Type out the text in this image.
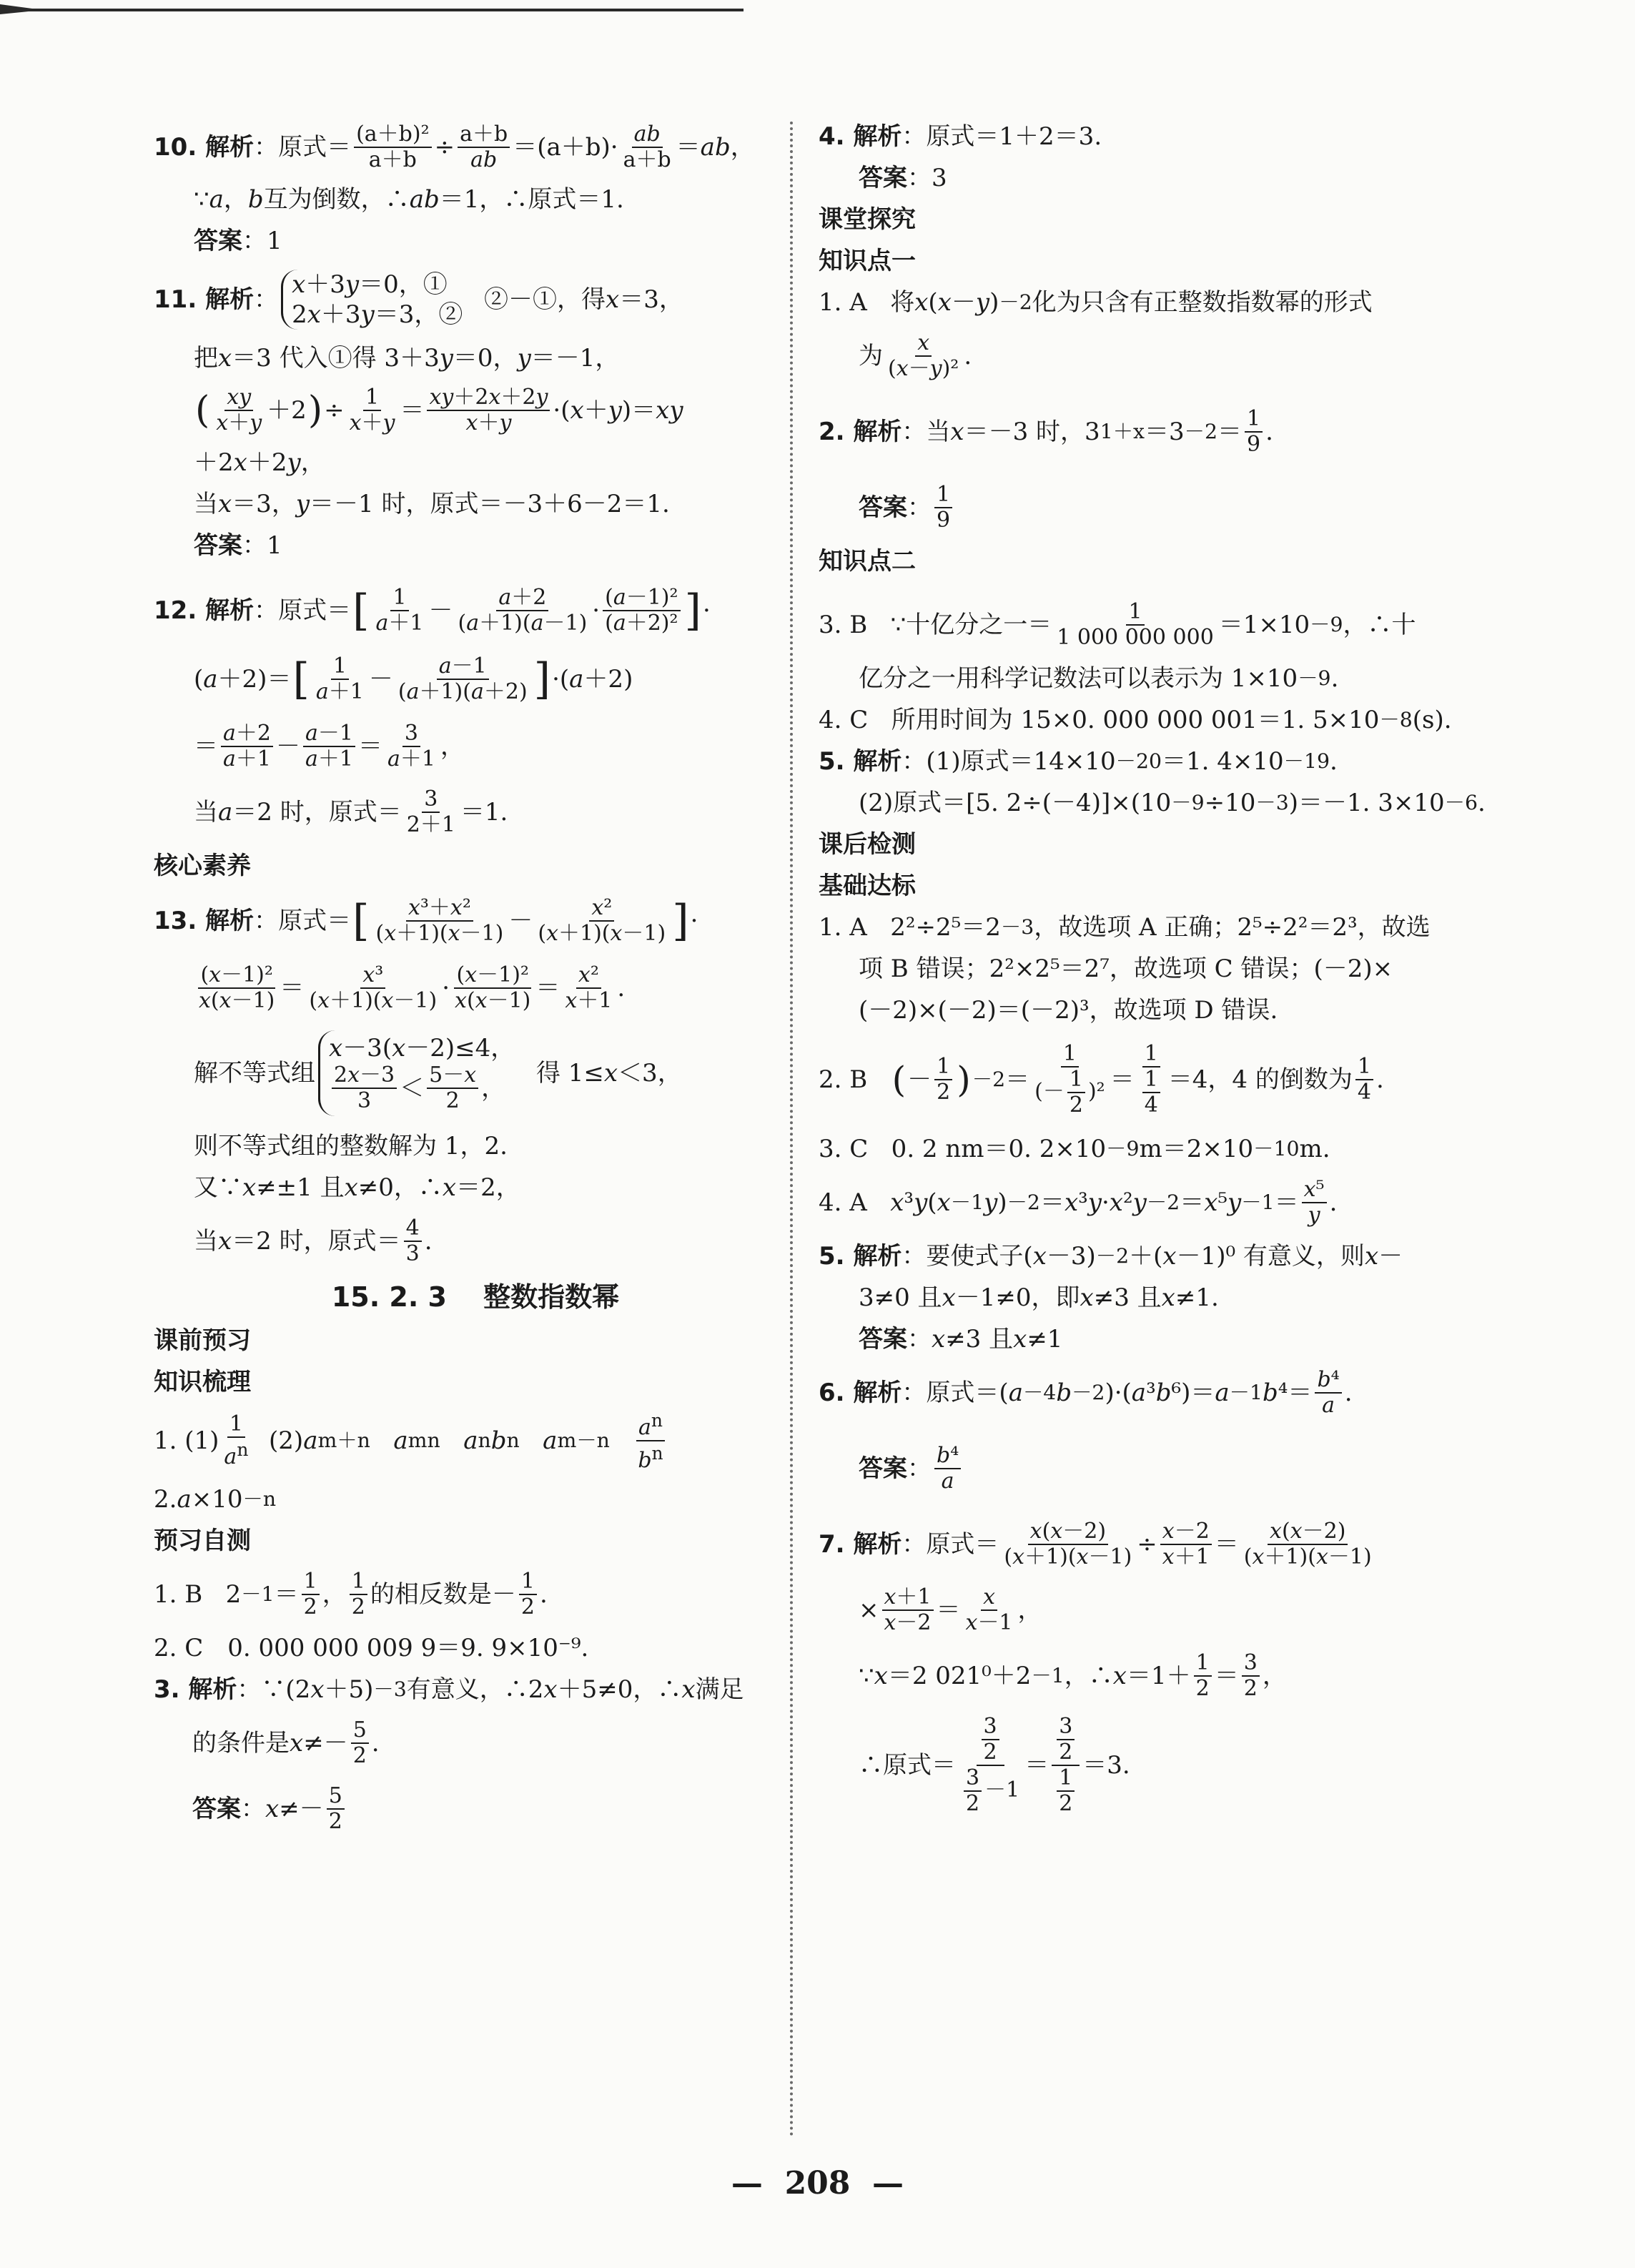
10. 解析 ：原式＝ $\frac{\text{(a＋b)²}}{a+b} \div \frac{a+b}{ab} =(a+b)\cdot \frac{ab}{a+b}$ ＝ ab ，
∵ a ， b 互为倒数，∴ ab ＝1，∴原式＝1.
答案 ：1
11. 解析 ：
x＋3y＝0，①
2x＋3y＝3，②
②－①，得 x ＝3，
把 x ＝3 代入①得 3＋3 y ＝0， y ＝－1，
( $\frac{xy}{x+y} +2$ ) ÷ $\frac{1}{x+y} = \frac{xy+2x+2y}{x+y}$ ·( x ＋ y )＝ xy
＋2 x ＋2 y ，
当 x ＝3， y ＝－1 时，原式＝－3＋6－2＝1.
答案 ：1
12. 解析 ：原式＝ [ $\frac{1}{a+1} - \frac{a+2}{(a+1)(a-1)} \cdot \frac{\text{(a－1)²}}{\text{(a＋2)²}}$ ] ·
( a ＋2)＝ [ $\frac{1}{a+1} - \frac{a-1}{(a+1)(a+2)}$ ] ·( a ＋2)
＝ $\frac{a+2}{a+1} - \frac{a-1}{a+1} = \frac{3}{a+1}$ ，
当 a ＝2 时，原式＝ $\frac{3}{2+1} =1$.
核心素养
13. 解析 ：原式＝ [ $\frac{\text{x³＋x²}}{(x+1)(x-1)} - \frac{\text{x²}}{(x+1)(x-1)}$ ] ·
$\frac{\text{(x－1)²}}{x(x-1)} = \frac{\text{x³}}{(x+1)(x-1)} \cdot \frac{\text{(x－1)²}}{x(x-1)} = \frac{\text{x²}}{x+1}$ .
解不等式组
x－3(x－2)≤4，
$\frac{2x-3}{3} < \frac{5-x}{2}$ ，

得 1≤x＜3，
则不等式组的整数解为 1，2.
又∵ x ≠±1 且 x ≠0，∴ x ＝2，
当 x ＝2 时，原式＝ $\frac{4}{3}$ .
15. 2. 3　 整数指数幂
课前预习
知识梳理
1. $(1) \frac{1}{a^n} (2)$ a m＋n
a mn
a n b n
a m－n
$\frac{a^n}{b^n}$
2. a ×10 －n
预习自测
1. B   $2 -1 = \frac{1}{2}$ ， $\frac{1}{2}$ 的相反数是－ $\frac{1}{2}$ .
2. C　0. 000 000 009 9＝9. 9×10⁻⁹.
3. 解析 ：∵(2 x ＋5) －3 有意义，∴2 x ＋5≠0，∴ x 满足
的条件是 $x \ne- \frac{5}{2}$ .
答案 ： $x \ne- \frac{5}{2}$
4. 解析 ：原式＝1＋2＝3.
答案 ：3
课堂探究
知识点一
1. A   将 x ( x － y ) －2 化为只含有正整数指数幂的形式
为 $\frac{x}{\text{(x－y)²}}$ .
2. 解析 ：当 x ＝－3 时，3 $1+x =3 -2 = \frac{1}{9}$ .
答案 ： $\frac{1}{9}$
知识点二
3. B   ∵十亿分之一＝ $\frac{1}{1 000 000 000} =1\times 10 -9$ ，∴十
亿分之一用科学记数法可以表示为 1×10 －9 .
4. C   所用时间为 15×0. 000 000 001＝1. 5×10 －8 (s).
5. 解析 ：(1)原式＝14×10 －20 ＝1. 4×10 －19 .
(2)原式＝[5. 2÷(－4)]×(10 －9 ÷10 －3 )＝－1. 3×10 －6 .
课后检测
基础达标
1. A   2²÷2⁵＝2 －3 ，故选项 A 正确；2⁵÷2²＝2³，故选
项 B 错误；2²×2⁵＝2⁷，故选项 C 错误；(－2)×
(－2)×(－2)＝(－2)³，故选项 D 错误.
2. B ( － $\frac{1}{2}$ ) $-2 = \frac{1}{(- \frac{1}{2} )^2} = \frac{1}{\frac{1}{4}} =4$，4 的倒数为 $\frac{1}{4}$ .
3. C   0. 2 nm＝0. 2×10 －9 m＝2×10 －10 m.
4. A x ³ y ( x －1 y ) －2 ＝ x ³ y · x ² y －2 ＝ x ⁵ $y -1 = \frac{\text{x⁵}}{y}$ .
5. 解析 ：要使式子( x －3) －2 ＋( x －1)⁰ 有意义，则 x －
3≠0 且 x －1≠0，即 x ≠3 且 x ≠1.
答案 ： x ≠3 且 x ≠1
6. 解析 ：原式＝( a －4 b －2 )·( a ³ b ⁶)＝ a －1 b $^4= \frac{\text{b⁴}}{a}$ .
答案 ： $\frac{\text{b⁴}}{a}$
7. 解析 ：原式＝ $\frac{x(x-2)}{(x+1)(x-1)} \div \frac{x-2}{x+1} = \frac{x(x-2)}{(x+1)(x-1)}$
× $\frac{x+1}{x-2} = \frac{x}{x-1}$ ，
∵ x ＝2 021⁰＋2 －1 ，∴ $x =1+ \frac{1}{2} = \frac{3}{2}$ ，
∴原式＝ $\frac{\frac{3}{2}}{\frac{3}{2} -1} = \frac{\frac{3}{2}}{\frac{1}{2}} =3$.
—  208  —
